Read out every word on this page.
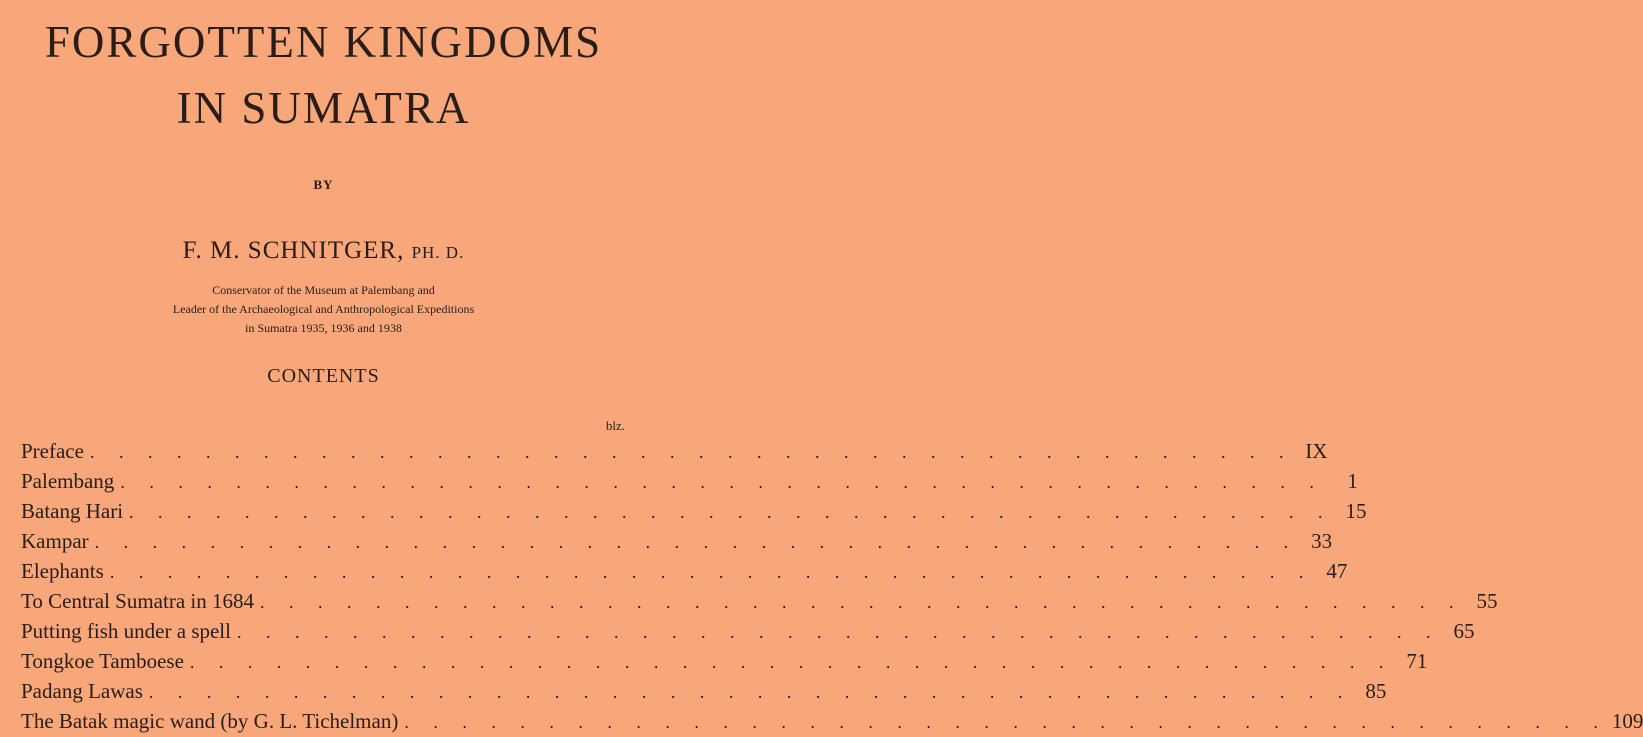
FORGOTTEN KINGDOMS
IN SUMATRA
BY
F. M. SCHNITGER, PH. D.
Conservator of the Museum at Palembang and
Leader of the Archaeological and Anthropological Expeditions
in Sumatra 1935, 1936 and 1938
CONTENTS
blz.
Preface . . . . . . . . . . . . . . . . . . . . . . . . . . . . . . . . . . . . . . . . . . IX
Palembang . . . . . . . . . . . . . . . . . . . . . . . . . . . . . . . . . . . . . . . . . .	1
Batang Hari . . . . . . . . . . . . . . . . . . . . . . . . . . . . . . . . . . . . . . . . . . 15
Kampar . . . . . . . . . . . . . . . . . . . . . . . . . . . . . . . . . . . . . . . . . . 33
Elephants . . . . . . . . . . . . . . . . . . . . . . . . . . . . . . . . . . . . . . . . . . 47
To Central Sumatra in 1684 . . . . . . . . . . . . . . . . . . . . . . . . . . . . . . . . . . . . . . . . . . 55
Putting fish under a spell . . . . . . . . . . . . . . . . . . . . . . . . . . . . . . . . . . . . . . . . . . 65
Tongkoe Tamboese . . . . . . . . . . . . . . . . . . . . . . . . . . . . . . . . . . . . . . . . . . 71
Padang Lawas . . . . . . . . . . . . . . . . . . . . . . . . . . . . . . . . . . . . . . . . . . 85
The Batak magic wand (by G. L. Tichelman) . . . . . . . . . . . . . . . . . . . . . . . . . . . . . . . . . . . . . . . . . . 109
